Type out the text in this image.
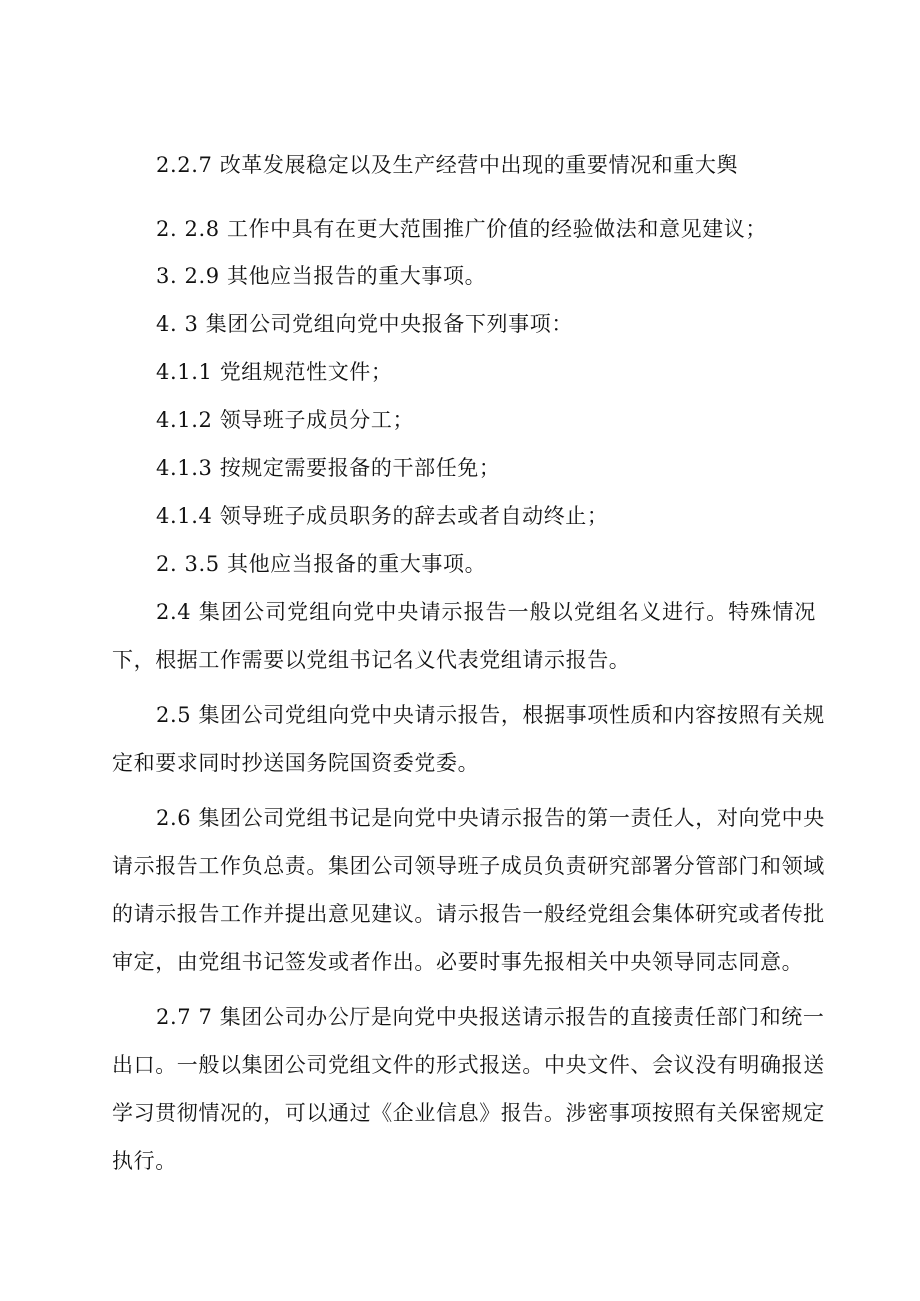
2.2.7 改革发展稳定以及生产经营中出现的重要情况和重大舆
2. 2.8 工作中具有在更大范围推广价值的经验做法和意见建议；
3. 2.9 其他应当报告的重大事项。
4. 3 集团公司党组向党中央报备下列事项：
4.1.1 党组规范性文件；
4.1.2 领导班子成员分工；
4.1.3 按规定需要报备的干部任免；
4.1.4 领导班子成员职务的辞去或者自动终止；
2. 3.5 其他应当报备的重大事项。
2.4 集团公司党组向党中央请示报告一般以党组名义进行。特殊情况
下，根据工作需要以党组书记名义代表党组请示报告。
2.5 集团公司党组向党中央请示报告，根据事项性质和内容按照有关规
定和要求同时抄送国务院国资委党委。
2.6 集团公司党组书记是向党中央请示报告的第一责任人，对向党中央
请示报告工作负总责。集团公司领导班子成员负责研究部署分管部门和领域
的请示报告工作并提出意见建议。请示报告一般经党组会集体研究或者传批
审定，由党组书记签发或者作出。必要时事先报相关中央领导同志同意。
2.7 7 集团公司办公厅是向党中央报送请示报告的直接责任部门和统一
出口。一般以集团公司党组文件的形式报送。中央文件、会议没有明确报送
学习贯彻情况的，可以通过《企业信息》报告。涉密事项按照有关保密规定
执行。
